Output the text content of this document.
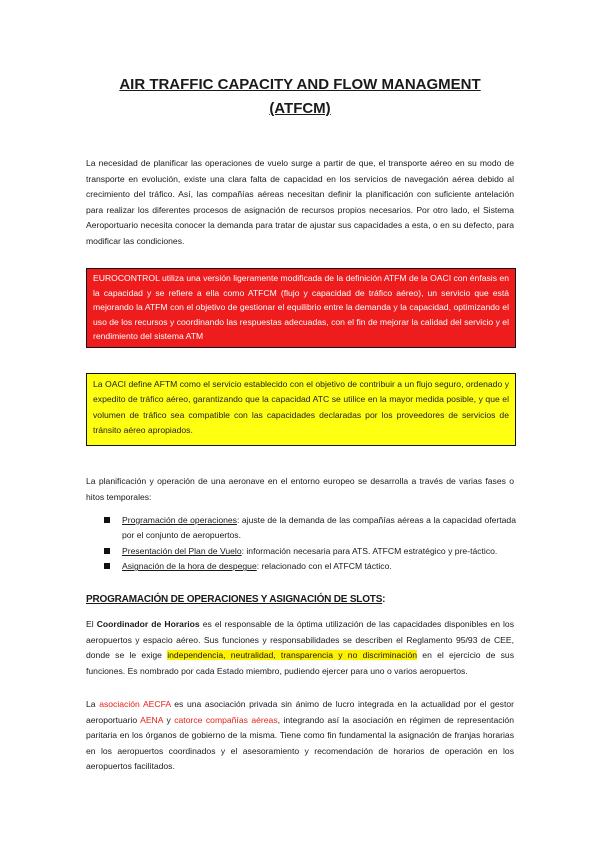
AIR TRAFFIC CAPACITY AND FLOW MANAGMENT
(ATFCM)

La necesidad de planificar las operaciones de vuelo surge a partir de que, el transporte aéreo en su modo de transporte en evolución, existe una clara falta de capacidad en los servicios de navegación aérea debido al crecimiento del tráfico. Así, las compañías aéreas necesitan definir la planificación con suficiente antelación para realizar los diferentes procesos de asignación de recursos propios necesarios. Por otro lado, el Sistema Aeroportuario necesita conocer la demanda para tratar de ajustar sus capacidades a esta, o en su defecto, para modificar las condiciones.

EUROCONTROL utiliza una versión ligeramente modificada de la definición ATFM de la OACI con énfasis en la capacidad y se refiere a ella como ATFCM (flujo y capacidad de tráfico aéreo), un servicio que está mejorando la ATFM con el objetivo de gestionar el equilibrio entre la demanda y la capacidad, optimizando el uso de los recursos y coordinando las respuestas adecuadas, con el fin de mejorar la calidad del servicio y el rendimiento del sistema ATM
La OACI define AFTM como el servicio establecido con el objetivo de contribuir a un flujo seguro, ordenado y expedito de tráfico aéreo, garantizando que la capacidad ATC se utilice en la mayor medida posible, y que el volumen de tráfico sea compatible con las capacidades declaradas por los proveedores de servicios de tránsito aéreo apropiados.

La planificación y operación de una aeronave en el entorno europeo se desarrolla a través de varias fases o hitos temporales:

Programación de operaciones: ajuste de la demanda de las compañías aéreas a la capacidad ofertada por el conjunto de aeropuertos.
Presentación del Plan de Vuelo: información necesaria para ATS. ATFCM estratégico y pre-táctico.
Asignación de la hora de despegue: relacionado con el ATFCM táctico.
PROGRAMACIÓN DE OPERACIONES Y ASIGNACIÓN DE SLOTS:

El Coordinador de Horarios es el responsable de la óptima utilización de las capacidades disponibles en los aeropuertos y espacio aéreo. Sus funciones y responsabilidades se describen el Reglamento 95/93 de CEE, donde se le exige independencia, neutralidad, transparencia y no discriminación en el ejercicio de sus funciones. Es nombrado por cada Estado miembro, pudiendo ejercer para uno o varios aeropuertos.

La asociación AECFA es una asociación privada sin ánimo de lucro integrada en la actualidad por el gestor aeroportuario AENA y catorce compañías aéreas, integrando así la asociación en régimen de representación paritaria en los órganos de gobierno de la misma. Tiene como fin fundamental la asignación de franjas horarias en los aeropuertos coordinados y el asesoramiento y recomendación de horarios de operación en los aeropuertos facilitados.
